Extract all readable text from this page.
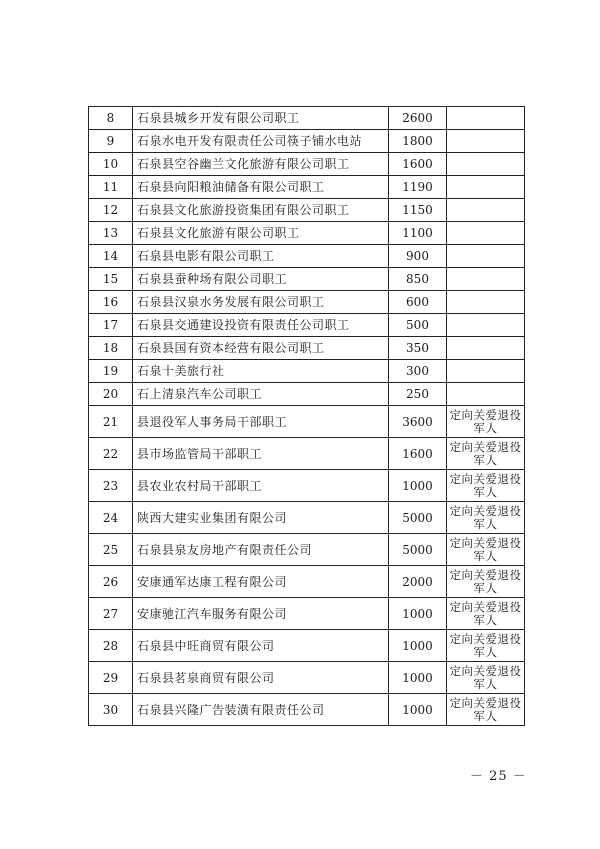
8	石泉县城乡开发有限公司职工	2600	
9	石泉水电开发有限责任公司筷子铺水电站	1800	
10	石泉县空谷幽兰文化旅游有限公司职工	1600	
11	石泉县向阳粮油储备有限公司职工	1190	
12	石泉县文化旅游投资集团有限公司职工	1150	
13	石泉县文化旅游有限公司职工	1100	
14	石泉县电影有限公司职工	900	
15	石泉县蚕种场有限公司职工	850	
16	石泉县汉泉水务发展有限公司职工	600	
17	石泉县交通建设投资有限责任公司职工	500	
18	石泉县国有资本经营有限公司职工	350	
19	石泉十美旅行社	300	
20	石上清泉汽车公司职工	250	
21	县退役军人事务局干部职工	3600	定向关爱退役军人
22	县市场监管局干部职工	1600	定向关爱退役军人
23	县农业农村局干部职工	1000	定向关爱退役军人
24	陕西大建实业集团有限公司	5000	定向关爱退役军人
25	石泉县泉友房地产有限责任公司	5000	定向关爱退役军人
26	安康通军达康工程有限公司	2000	定向关爱退役军人
27	安康驰江汽车服务有限公司	1000	定向关爱退役军人
28	石泉县中旺商贸有限公司	1000	定向关爱退役军人
29	石泉县茗泉商贸有限公司	1000	定向关爱退役军人
30	石泉县兴隆广告装潢有限责任公司	1000	定向关爱退役军人
－ 25 －
